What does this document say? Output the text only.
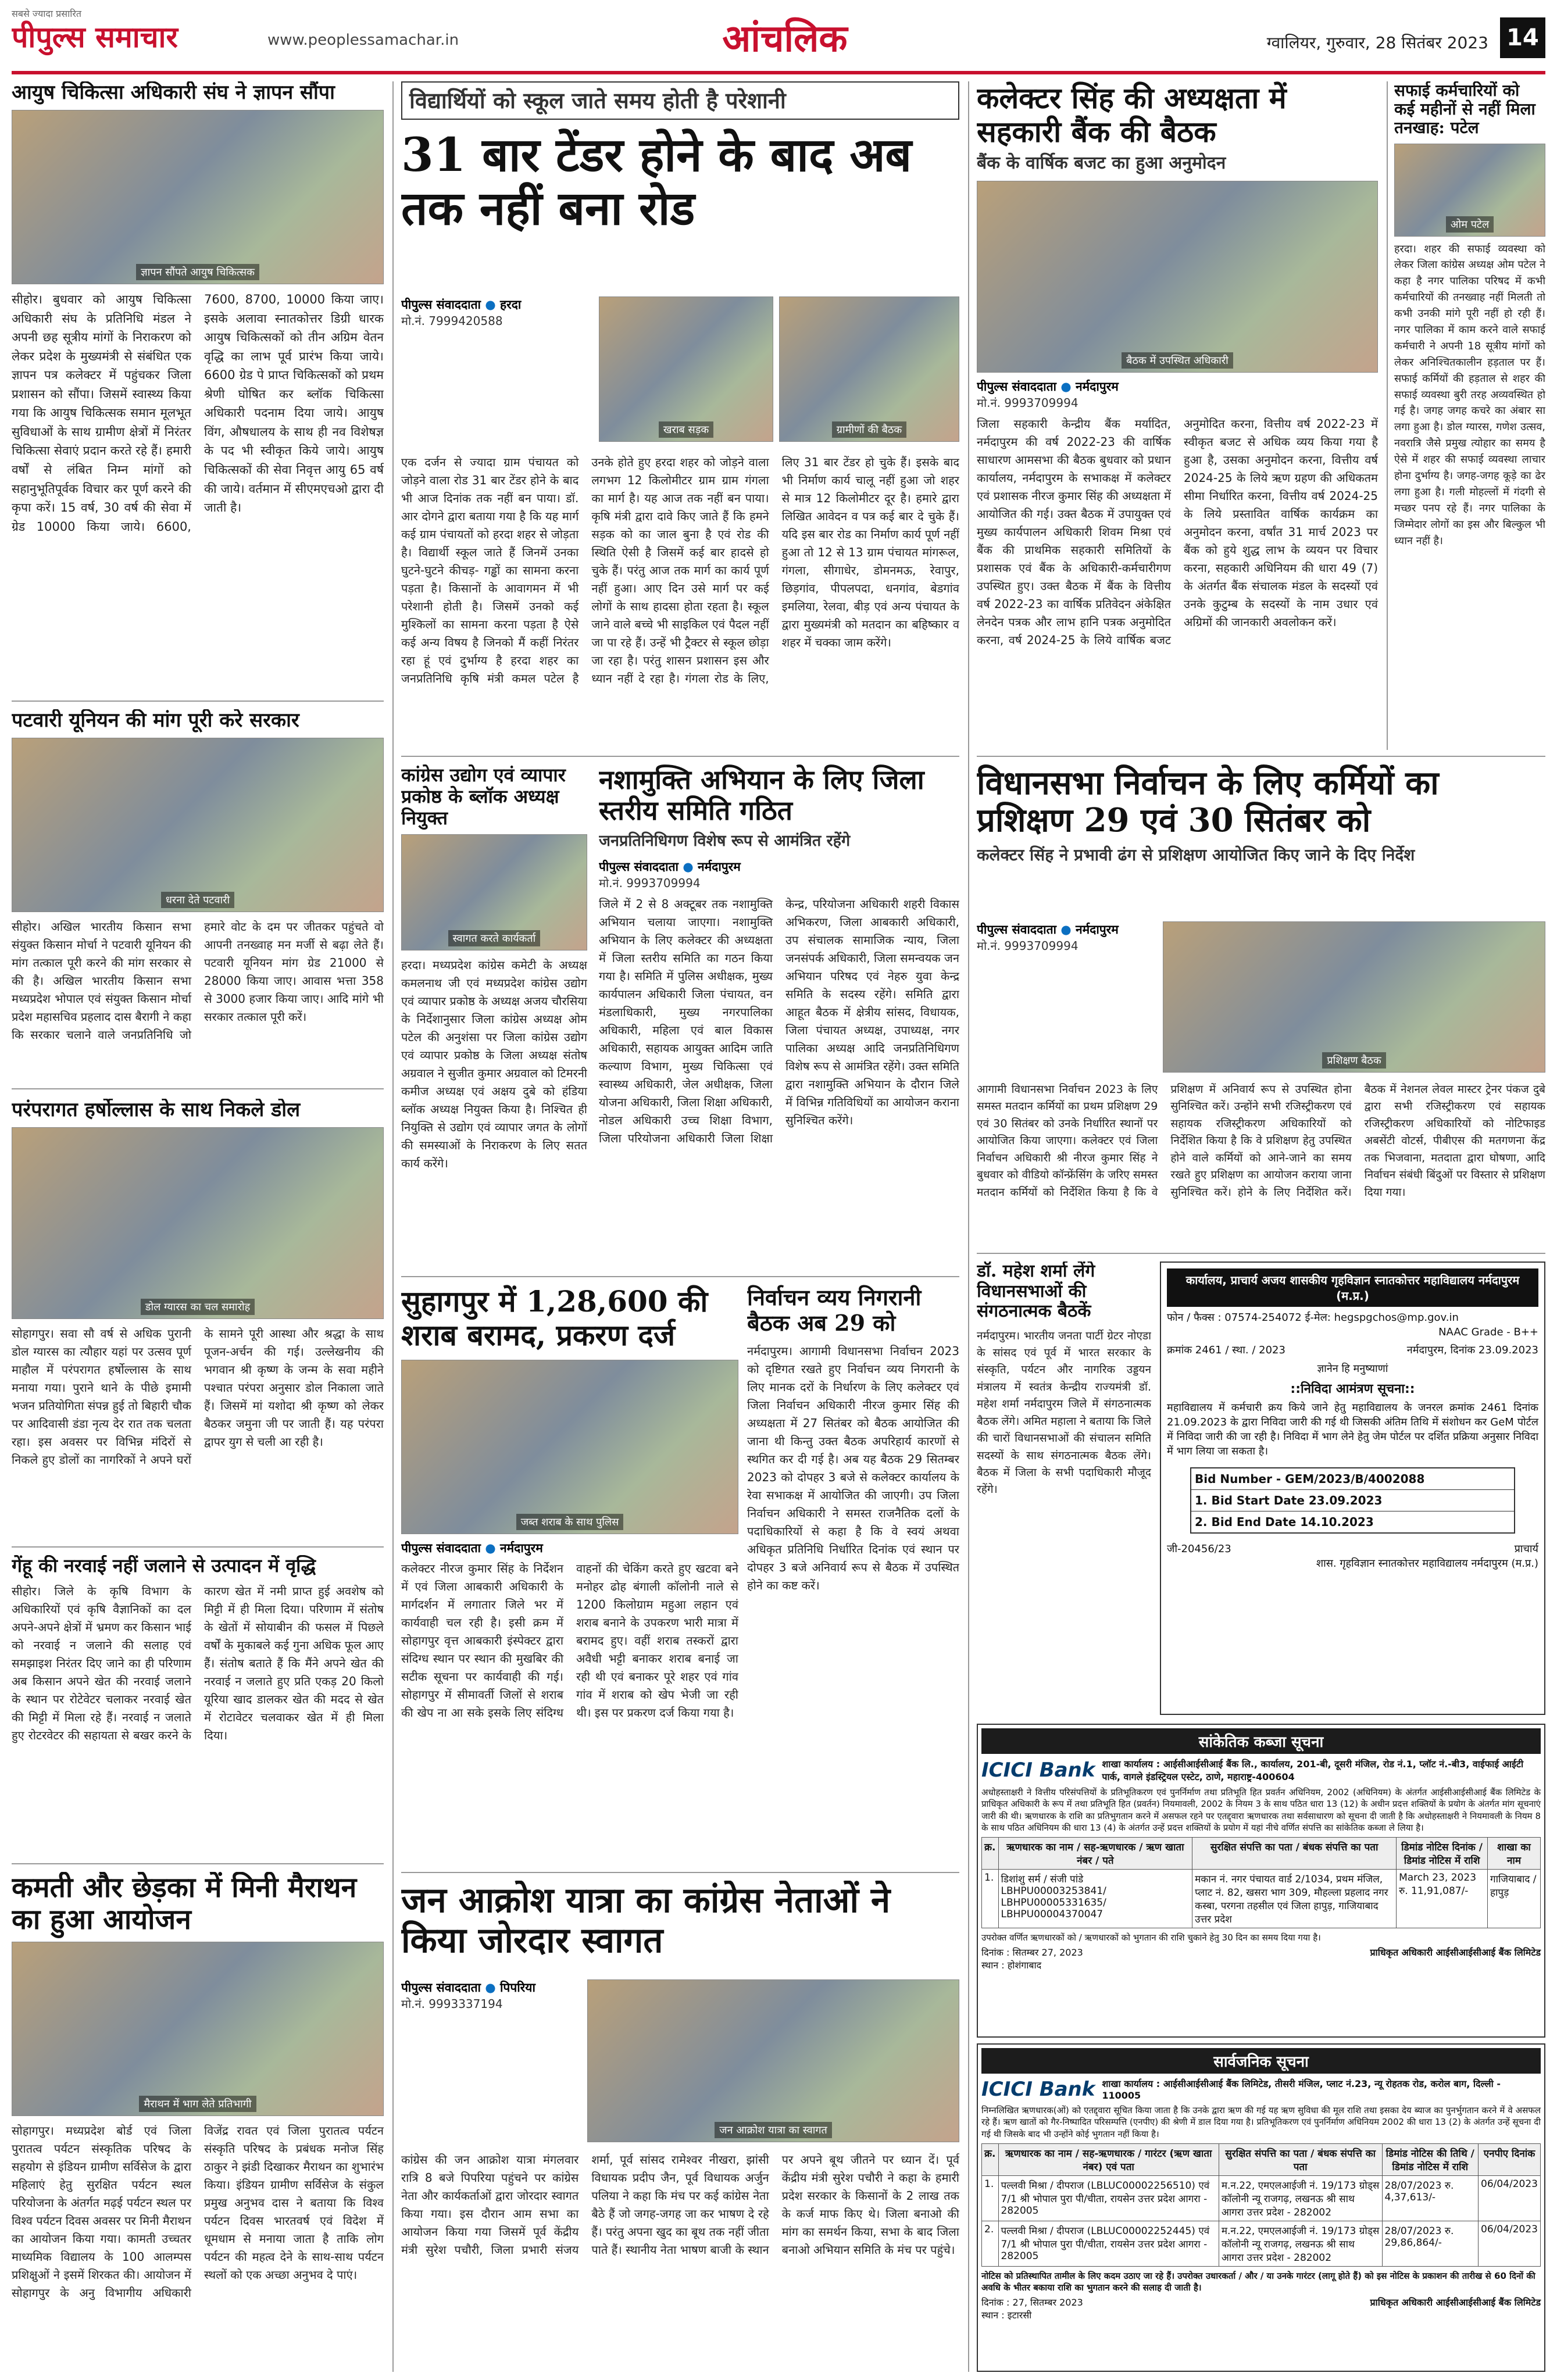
पीपुल्स समाचार
सबसे ज्यादा प्रसारित
www.peoplessamachar.in	आंचलिक	ग्वालियर, गुरुवार, 28 सितंबर 2023 14
आयुष चिकित्सा अधिकारी संघ ने ज्ञापन सौंपा
ज्ञापन सौंपते आयुष चिकित्सक
सीहोर। बुधवार को आयुष चिकित्सा अधिकारी संघ के प्रतिनिधि मंडल ने अपनी छह सूत्रीय मांगों के निराकरण को लेकर प्रदेश के मुख्यमंत्री से संबंधित एक ज्ञापन पत्र कलेक्टर में पहुंचकर जिला प्रशासन को सौंपा। जिसमें स्वास्थ्य किया गया कि आयुष चिकित्सक समान मूलभूत सुविधाओं के साथ ग्रामीण क्षेत्रों में निरंतर चिकित्सा सेवाएं प्रदान करते रहे हैं। हमारी वर्षों से लंबित निम्न मांगों को सहानुभूतिपूर्वक विचार कर पूर्ण करने की कृपा करें। 15 वर्ष, 30 वर्ष की सेवा में ग्रेड 10000 किया जाये। 6600, 7600, 8700, 10000 किया जाए। इसके अलावा स्नातकोत्तर डिग्री धारक आयुष चिकित्सकों को तीन अग्रिम वेतन वृद्धि का लाभ पूर्व प्रारंभ किया जाये। 6600 ग्रेड पे प्राप्त चिकित्सकों को प्रथम श्रेणी घोषित कर ब्लॉक चिकित्सा अधिकारी पदनाम दिया जाये। आयुष विंग, औषधालय के साथ ही नव विशेषज्ञ के पद भी स्वीकृत किये जाये। आयुष चिकित्सकों की सेवा निवृत्त आयु 65 वर्ष की जाये। वर्तमान में सीएमएचओ द्वारा दी जाती है।
पटवारी यूनियन की मांग पूरी करे सरकार
धरना देते पटवारी
सीहोर। अखिल भारतीय किसान सभा संयुक्त किसान मोर्चा ने पटवारी यूनियन की मांग तत्काल पूरी करने की मांग सरकार से की है। अखिल भारतीय किसान सभा मध्यप्रदेश भोपाल एवं संयुक्त किसान मोर्चा प्रदेश महासचिव प्रहलाद दास बैरागी ने कहा कि सरकार चलाने वाले जनप्रतिनिधि जो हमारे वोट के दम पर जीतकर पहुंचते वो आपनी तनख्वाह मन मर्जी से बढ़ा लेते हैं। पटवारी यूनियन मांग ग्रेड 21000 से 28000 किया जाए। आवास भत्ता 358 से 3000 हजार किया जाए। आदि मांगे भी सरकार तत्काल पूरी करें।
परंपरागत हर्षोल्लास के साथ निकले डोल
डोल ग्यारस का चल समारोह
सोहागपुर। सवा सौ वर्ष से अधिक पुरानी डोल ग्यारस का त्यौहार यहां पर उत्सव पूर्ण माहौल में परंपरागत हर्षोल्लास के साथ मनाया गया। पुराने थाने के पीछे इमामी भजन प्रतियोगिता संपन्न हुई तो बिहारी चौक पर आदिवासी डंडा नृत्य देर रात तक चलता रहा। इस अवसर पर विभिन्न मंदिरों से निकले हुए डोलों का नागरिकों ने अपने घरों के सामने पूरी आस्था और श्रद्धा के साथ पूजन-अर्चन की गई। उल्लेखनीय की भगवान श्री कृष्ण के जन्म के सवा महीने पश्चात परंपरा अनुसार डोल निकाला जाते हैं। जिसमें मां यशोदा श्री कृष्ण को लेकर बैठकर जमुना जी पर जाती हैं। यह परंपरा द्वापर युग से चली आ रही है।
गेंहू की नरवाई नहीं जलाने से उत्पादन में वृद्धि
सीहोर। जिले के कृषि विभाग के अधिकारियों एवं कृषि वैज्ञानिकों का दल अपने-अपने क्षेत्रों में भ्रमण कर किसान भाई को नरवाई न जलाने की सलाह एवं समझाइश निरंतर दिए जाने का ही परिणाम अब किसान अपने खेत की नरवाई जलाने के स्थान पर रोटेवेटर चलाकर नरवाई खेत की मिट्टी में मिला रहे हैं। नरवाई न जलाते हुए रोटरवेटर की सहायता से बखर करने के कारण खेत में नमी प्राप्त हुई अवशेष को मिट्टी में ही मिला दिया। परिणाम में संतोष के खेतों में सोयाबीन की फसल में पिछले वर्षों के मुकाबले कई गुना अधिक फूल आए हैं। संतोष बताते हैं कि मैंने अपने खेत की नरवाई न जलाते हुए प्रति एकड़ 20 किलो यूरिया खाद डालकर खेत की मदद से खेत में रोटावेटर चलवाकर खेत में ही मिला दिया।
कमती और छेड़का में मिनी मैराथन का हुआ आयोजन
मैराथन में भाग लेते प्रतिभागी
सोहागपुर। मध्यप्रदेश बोर्ड एवं जिला पुरातत्व पर्यटन संस्कृतिक परिषद के सहयोग से इंडियन ग्रामीण सर्विसेज के द्वारा महिलाएं हेतु सुरक्षित पर्यटन स्थल परियोजना के अंतर्गत मढ़ई पर्यटन स्थल पर विश्व पर्यटन दिवस अवसर पर मिनी मैराथन का आयोजन किया गया। कामती उच्चतर माध्यमिक विद्यालय के 100 आलम्पस प्रशिक्षुओं ने इसमें शिरकत की। आयोजन में सोहागपुर के अनु विभागीय अधिकारी विजेंद्र रावत एवं जिला पुरातत्व पर्यटन संस्कृति परिषद के प्रबंधक मनोज सिंह ठाकुर ने झंडी दिखाकर मैराथन का शुभारंभ किया। इंडियन ग्रामीण सर्विसेज के संकुल प्रमुख अनुभव दास ने बताया कि विश्व पर्यटन दिवस भारतवर्ष एवं विदेश में धूमधाम से मनाया जाता है ताकि लोग पर्यटन की महत्व देने के साथ-साथ पर्यटन स्थलों को एक अच्छा अनुभव दे पाएं।
विद्यार्थियों को स्कूल जाते समय होती है परेशानी
31 बार टेंडर होने के बाद अब तक नहीं बना रोड
पीपुल्स संवाददाता ● हरदा
मो.नं. 7999420588
खराब सड़क	ग्रामीणों की बैठक
एक दर्जन से ज्यादा ग्राम पंचायत को जोड़ने वाला रोड 31 बार टेंडर होने के बाद भी आज दिनांक तक नहीं बन पाया। डॉ. आर दोगने द्वारा बताया गया है कि यह मार्ग कई ग्राम पंचायतों को हरदा शहर से जोड़ता है। विद्यार्थी स्कूल जाते हैं जिनमें उनका घुटने-घुटने कीचड़- गड्ढों का सामना करना पड़ता है। किसानों के आवागमन में भी परेशानी होती है। जिसमें उनको कई मुश्किलों का सामना करना पड़ता है ऐसे कई अन्य विषय है जिनको मैं कहीं निरंतर रहा हूं एवं दुर्भाग्य है हरदा शहर का जनप्रतिनिधि कृषि मंत्री कमल पटेल है उनके होते हुए हरदा शहर को जोड़ने वाला लगभग 12 किलोमीटर ग्राम ग्राम गंगला का मार्ग है। यह आज तक नहीं बन पाया। कृषि मंत्री द्वारा दावे किए जाते हैं कि हमने सड़क को का जाल बुना है एवं रोड की स्थिति ऐसी है जिसमें कई बार हादसे हो चुके हैं। परंतु आज तक मार्ग का कार्य पूर्ण नहीं हुआ। आए दिन उसे मार्ग पर कई लोगों के साथ हादसा होता रहता है। स्कूल जाने वाले बच्चे भी साइकिल एवं पैदल नहीं जा पा रहे हैं। उन्हें भी ट्रैक्टर से स्कूल छोड़ा जा रहा है। परंतु शासन प्रशासन इस और ध्यान नहीं दे रहा है। गंगला रोड के लिए, लिए 31 बार टेंडर हो चुके हैं। इसके बाद भी निर्माण कार्य चालू नहीं हुआ जो शहर से मात्र 12 किलोमीटर दूर है। हमारे द्वारा लिखित आवेदन व पत्र कई बार दे चुके हैं। यदि इस बार रोड का निर्माण कार्य पूर्ण नहीं हुआ तो 12 से 13 ग्राम पंचायत मांगरूल, गंगला, सीगाधेर, डोमनमऊ, रेवापुर, छिड़गांव, पीपलपदा, धनगांव, बेडगांव इमलिया, रेलवा, बीड़ एवं अन्य पंचायत के द्वारा मुख्यमंत्री को मतदान का बहिष्कार व शहर में चक्का जाम करेंगे।
कांग्रेस उद्योग एवं व्यापार प्रकोष्ठ के ब्लॉक अध्यक्ष नियुक्त
स्वागत करते कार्यकर्ता
हरदा। मध्यप्रदेश कांग्रेस कमेटी के अध्यक्ष कमलनाथ जी एवं मध्यप्रदेश कांग्रेस उद्योग एवं व्यापार प्रकोष्ठ के अध्यक्ष अजय चौरसिया के निर्देशानुसार जिला कांग्रेस अध्यक्ष ओम पटेल की अनुशंसा पर जिला कांग्रेस उद्योग एवं व्यापार प्रकोष्ठ के जिला अध्यक्ष संतोष अग्रवाल ने सुजीत कुमार अग्रवाल को टिमरनी कमीज अध्यक्ष एवं अक्षय दुबे को हंडिया ब्लॉक अध्यक्ष नियुक्त किया है। निश्चित ही नियुक्ति से उद्योग एवं व्यापार जगत के लोगों की समस्याओं के निराकरण के लिए सतत कार्य करेंगे।
नशामुक्ति अभियान के लिए जिला स्तरीय समिति गठित
जनप्रतिनिधिगण विशेष रूप से आमंत्रित रहेंगे
पीपुल्स संवाददाता ● नर्मदापुरम
मो.नं. 9993709994
जिले में 2 से 8 अक्टूबर तक नशामुक्ति अभियान चलाया जाएगा। नशामुक्ति अभियान के लिए कलेक्टर की अध्यक्षता में जिला स्तरीय समिति का गठन किया गया है। समिति में पुलिस अधीक्षक, मुख्य कार्यपालन अधिकारी जिला पंचायत, वन मंडलाधिकारी, मुख्य नगरपालिका अधिकारी, महिला एवं बाल विकास अधिकारी, सहायक आयुक्त आदिम जाति कल्याण विभाग, मुख्य चिकित्सा एवं स्वास्थ्य अधिकारी, जेल अधीक्षक, जिला योजना अधिकारी, जिला शिक्षा अधिकारी, नोडल अधिकारी उच्च शिक्षा विभाग, जिला परियोजना अधिकारी जिला शिक्षा केन्द्र, परियोजना अधिकारी शहरी विकास अभिकरण, जिला आबकारी अधिकारी, उप संचालक सामाजिक न्याय, जिला जनसंपर्क अधिकारी, जिला समन्वयक जन अभियान परिषद एवं नेहरु युवा केन्द्र समिति के सदस्य रहेंगे। समिति द्वारा आहूत बैठक में क्षेत्रीय सांसद, विधायक, जिला पंचायत अध्यक्ष, उपाध्यक्ष, नगर पालिका अध्यक्ष आदि जनप्रतिनिधिगण विशेष रूप से आमंत्रित रहेंगे। उक्त समिति द्वारा नशामुक्ति अभियान के दौरान जिले में विभिन्न गतिविधियों का आयोजन कराना सुनिश्चित करेंगे।
सुहागपुर में 1,28,600 की शराब बरामद, प्रकरण दर्ज
जब्त शराब के साथ पुलिस
पीपुल्स संवाददाता ● नर्मदापुरम
कलेक्टर नीरज कुमार सिंह के निर्देशन में एवं जिला आबकारी अधिकारी के मार्गदर्शन में लगातार जिले भर में कार्यवाही चल रही है। इसी क्रम में सोहागपुर वृत्त आबकारी इंस्पेक्टर द्वारा संदिग्ध स्थान पर स्थान की मुखबिर की सटीक सूचना पर कार्यवाही की गई। सोहागपुर में सीमावर्ती जिलों से शराब की खेप ना आ सके इसके लिए संदिग्ध वाहनों की चेकिंग करते हुए खटवा बने मनोहर ढोह बंगाली कॉलोनी नाले से 1200 किलोग्राम महुआ लहान एवं शराब बनाने के उपकरण भारी मात्रा में बरामद हुए। वहीं शराब तस्करों द्वारा अवैधी भट्टी बनाकर शराब बनाई जा रही थी एवं बनाकर पूरे शहर एवं गांव गांव में शराब को खेप भेजी जा रही थी। इस पर प्रकरण दर्ज किया गया है।
निर्वाचन व्यय निगरानी बैठक अब 29 को
नर्मदापुरम। आगामी विधानसभा निर्वाचन 2023 को दृष्टिगत रखते हुए निर्वाचन व्यय निगरानी के लिए मानक दरों के निर्धारण के लिए कलेक्टर एवं जिला निर्वाचन अधिकारी नीरज कुमार सिंह की अध्यक्षता में 27 सितंबर को बैठक आयोजित की जाना थी किन्तु उक्त बैठक अपरिहार्य कारणों से स्थगित कर दी गई है। अब यह बैठक 29 सितम्बर 2023 को दोपहर 3 बजे से कलेक्टर कार्यालय के रेवा सभाकक्ष में आयोजित की जाएगी। उप जिला निर्वाचन अधिकारी ने समस्त राजनैतिक दलों के पदाधिकारियों से कहा है कि वे स्वयं अथवा अधिकृत प्रतिनिधि निर्धारित दिनांक एवं स्थान पर दोपहर 3 बजे अनिवार्य रूप से बैठक में उपस्थित होने का कष्ट करें।
जन आक्रोश यात्रा का कांग्रेस नेताओं ने किया जोरदार स्वागत
पीपुल्स संवाददाता ● पिपरिया
मो.नं. 9993337194
जन आक्रोश यात्रा का स्वागत
कांग्रेस की जन आक्रोश यात्रा मंगलवार रात्रि 8 बजे पिपरिया पहुंचने पर कांग्रेस नेता और कार्यकर्ताओं द्वारा जोरदार स्वागत किया गया। इस दौरान आम सभा का आयोजन किया गया जिसमें पूर्व केंद्रीय मंत्री सुरेश पचौरी, जिला प्रभारी संजय शर्मा, पूर्व सांसद रामेश्वर नीखरा, झांसी विधायक प्रदीप जैन, पूर्व विधायक अर्जुन पलिया ने कहा कि मंच पर कई कांग्रेस नेता बैठे हैं जो जगह-जगह जा कर भाषण दे रहे हैं। परंतु अपना खुद का बूथ तक नहीं जीता पाते हैं। स्थानीय नेता भाषण बाजी के स्थान पर अपने बूथ जीतने पर ध्यान दें। पूर्व केंद्रीय मंत्री सुरेश पचौरी ने कहा के हमारी प्रदेश सरकार के किसानों के 2 लाख तक के कर्ज माफ किए थे। जिला बनाओ की मांग का समर्थन किया, सभा के बाद जिला बनाओ अभियान समिति के मंच पर पहुंचे।
कलेक्टर सिंह की अध्यक्षता में सहकारी बैंक की बैठक
बैंक के वार्षिक बजट का हुआ अनुमोदन
बैठक में उपस्थित अधिकारी
पीपुल्स संवाददाता ● नर्मदापुरम
मो.नं. 9993709994
जिला सहकारी केन्द्रीय बैंक मर्यादित, नर्मदापुरम की वर्ष 2022-23 की वार्षिक साधारण आमसभा की बैठक बुधवार को प्रधान कार्यालय, नर्मदापुरम के सभाकक्ष में कलेक्टर एवं प्रशासक नीरज कुमार सिंह की अध्यक्षता में आयोजित की गई। उक्त बैठक में उपायुक्त एवं मुख्य कार्यपालन अधिकारी शिवम मिश्रा एवं बैंक की प्राथमिक सहकारी समितियों के प्रशासक एवं बैंक के अधिकारी-कर्मचारीगण उपस्थित हुए। उक्त बैठक में बैंक के वित्तीय वर्ष 2022-23 का वार्षिक प्रतिवेदन अंकेक्षित लेनदेन पत्रक और लाभ हानि पत्रक अनुमोदित करना, वर्ष 2024-25 के लिये वार्षिक बजट अनुमोदित करना, वित्तीय वर्ष 2022-23 में स्वीकृत बजट से अधिक व्यय किया गया है हुआ है, उसका अनुमोदन करना, वित्तीय वर्ष 2024-25 के लिये ऋण ग्रहण की अधिकतम सीमा निर्धारित करना, वित्तीय वर्ष 2024-25 के लिये प्रस्तावित वार्षिक कार्यक्रम का अनुमोदन करना, वर्षांत 31 मार्च 2023 पर बैंक को हुये शुद्ध लाभ के व्ययन पर विचार करना, सहकारी अधिनियम की धारा 49 (7) के अंतर्गत बैंक संचालक मंडल के सदस्यों एवं उनके कुटुम्ब के सदस्यों के नाम उधार एवं अग्रिमों की जानकारी अवलोकन करें।
सफाई कर्मचारियों को कई महीनों से नहीं मिला तनखाह: पटेल
ओम पटेल
हरदा। शहर की सफाई व्यवस्था को लेकर जिला कांग्रेस अध्यक्ष ओम पटेल ने कहा है नगर पालिका परिषद में कभी कर्मचारियों की तनख्वाह नहीं मिलती तो कभी उनकी मांगे पूरी नहीं हो रही हैं। नगर पालिका में काम करने वाले सफाई कर्मचारी ने अपनी 18 सूत्रीय मांगों को लेकर अनिश्चितकालीन हड़ताल पर हैं। सफाई कर्मियों की हड़ताल से शहर की सफाई व्यवस्था बुरी तरह अव्यवस्थित हो गई है। जगह जगह कचरे का अंबार सा लगा हुआ है। डोल ग्यारस, गणेश उत्सव, नवरात्रि जैसे प्रमुख त्योहार का समय है ऐसे में शहर की सफाई व्यवस्था लाचार होना दुर्भाग्य है। जगह-जगह कूड़े का ढेर लगा हुआ है। गली मोहल्लों में गंदगी से मच्छर पनप रहे हैं। नगर पालिका के जिम्मेदार लोगों का इस और बिल्कुल भी ध्यान नहीं है।
विधानसभा निर्वाचन के लिए कर्मियों का प्रशिक्षण 29 एवं 30 सितंबर को
कलेक्टर सिंह ने प्रभावी ढंग से प्रशिक्षण आयोजित किए जाने के दिए निर्देश
पीपुल्स संवाददाता ● नर्मदापुरम
मो.नं. 9993709994
प्रशिक्षण बैठक
आगामी विधानसभा निर्वाचन 2023 के लिए समस्त मतदान कर्मियों का प्रथम प्रशिक्षण 29 एवं 30 सितंबर को उनके निर्धारित स्थानों पर आयोजित किया जाएगा। कलेक्टर एवं जिला निर्वाचन अधिकारी श्री नीरज कुमार सिंह ने बुधवार को वीडियो कॉन्फ्रेंसिंग के जरिए समस्त मतदान कर्मियों को निर्देशित किया है कि वे प्रशिक्षण में अनिवार्य रूप से उपस्थित होना सुनिश्चित करें। उन्होंने सभी रजिस्ट्रीकरण एवं सहायक रजिस्ट्रीकरण अधिकारियों को निर्देशित किया है कि वे प्रशिक्षण हेतु उपस्थित होने वाले कर्मियों को आने-जाने का समय रखते हुए प्रशिक्षण का आयोजन कराया जाना सुनिश्चित करें। होने के लिए निर्देशित करें। बैठक में नेशनल लेवल मास्टर ट्रेनर पंकज दुबे द्वारा सभी रजिस्ट्रीकरण एवं सहायक रजिस्ट्रीकरण अधिकारियों को नोटिफाइड अबसेंटी वोटर्स, पीबीएस की मतगणना केंद्र तक भिजवाना, मतदाता द्वारा घोषणा, आदि निर्वाचन संबंधी बिंदुओं पर विस्तार से प्रशिक्षण दिया गया।
डॉ. महेश शर्मा लेंगे विधानसभाओं की संगठनात्मक बैठकें
नर्मदापुरम। भारतीय जनता पार्टी ग्रेटर नोएडा के सांसद एवं पूर्व में भारत सरकार के संस्कृति, पर्यटन और नागरिक उड्डयन मंत्रालय में स्वतंत्र केन्द्रीय राज्यमंत्री डॉ. महेश शर्मा नर्मदापुरम जिले में संगठनात्मक बैठक लेंगे। अमित महाला ने बताया कि जिले की चारों विधानसभाओं की संचालन समिति सदस्यों के साथ संगठनात्मक बैठक लेंगे। बैठक में जिला के सभी पदाधिकारी मौजूद रहेंगे।
कार्यालय, प्राचार्य अजय शासकीय गृहविज्ञान स्नातकोत्तर महाविद्यालय नर्मदापुरम (म.प्र.)
फोन / फैक्स : 07574-254072 ई-मेल: hegspgchos@mp.gov.in
NAAC Grade - B++
क्रमांक 2461 / स्था. / 2023	नर्मदापुरम, दिनांक 23.09.2023
ज्ञानेन हि मनुष्याणां
::निविदा आमंत्रण सूचना::
महाविद्यालय में कर्मचारी क्रय किये जाने हेतु महाविद्यालय के जनरल क्रमांक 2461 दिनांक 21.09.2023 के द्वारा निविदा जारी की गई थी जिसकी अंतिम तिथि में संशोधन कर GeM पोर्टल में निविदा जारी की जा रही है। निविदा में भाग लेने हेतु जेम पोर्टल पर दर्शित प्रक्रिया अनुसार निविदा में भाग लिया जा सकता है।
Bid Number - GEM/2023/B/4002088
1. Bid Start Date 23.09.2023
2. Bid End Date 14.10.2023
जी-20456/23	प्राचार्य
शास. गृहविज्ञान स्नातकोत्तर महाविद्यालय नर्मदापुरम (म.प्र.)
सांकेतिक कब्जा सूचना
ICICI Bank शाखा कार्यालय : आईसीआईसीआई बैंक लि., कार्यालय, 201-बी, दूसरी मंजिल, रोड नं.1, प्लॉट नं.-बी3, वाईफाई आईटी पार्क, वागले इंडस्ट्रियल एस्टेट, ठाणे, महाराष्ट्र-400604
अधोहस्ताक्षरी ने वित्तीय परिसंपत्तियों के प्रतिभूतिकरण एवं पुनर्निर्माण तथा प्रतिभूति हित प्रवर्तन अधिनियम, 2002 (अधिनियम) के अंतर्गत आईसीआईसीआई बैंक लिमिटेड के प्राधिकृत अधिकारी के रूप में तथा प्रतिभूति हित (प्रवर्तन) नियमावली, 2002 के नियम 3 के साथ पठित धारा 13 (12) के अधीन प्रदत्त शक्तियों के प्रयोग के अंतर्गत मांग सूचनाएं जारी की थी। ऋणधारक के राशि का प्रतिभुगतान करने में असफल रहने पर एतद्द्वारा ऋणधारक तथा सर्वसाधारण को सूचना दी जाती है कि अधोहस्ताक्षरी ने नियमावली के नियम 8 के साथ पठित अधिनियम की धारा 13 (4) के अंतर्गत उन्हें प्रदत्त शक्तियों के प्रयोग में यहां नीचे वर्णित संपत्ति का सांकेतिक कब्जा ले लिया है।
क्र.	ऋणधारक का नाम / सह-ऋणधारक / ऋण खाता नंबर / पते	सुरक्षित संपत्ति का पता / बंधक संपत्ति का पता	डिमांड नोटिस दिनांक / डिमांड नोटिस में राशि	शाखा का नाम
1.	डिशांशु सर्म / संजी पांडे LBHPU00003253841/ LBHPU00005331635/ LBHPU00004370047	मकान नं. नगर पंचायत वार्ड 2/1034, प्रथम मंजिल, प्लाट नं. 82, खसरा भाग 309, मौहल्ला प्रहलाद नगर कस्बा, परगना तहसील एवं जिला हापुड़, गाजियाबाद उत्तर प्रदेश	March 23, 2023 रु. 11,91,087/-	गाजियाबाद / हापुड़
उपरोक्त वर्णित ऋणधारकों को / ऋणधारकों को भुगतान की राशि चुकाने हेतु 30 दिन का समय दिया गया है।
दिनांक : सितम्बर 27, 2023
स्थान : होशंगाबाद
प्राधिकृत अधिकारी आईसीआईसीआई बैंक लिमिटेड
सार्वजनिक सूचना
ICICI Bank शाखा कार्यालय : आईसीआईसीआई बैंक लिमिटेड, तीसरी मंजिल, प्लाट नं.23, न्यू रोहतक रोड, करोल बाग, दिल्ली - 110005
निम्नलिखित ऋणधारक(ओं) को एतद्द्वारा सूचित किया जाता है कि उनके द्वारा ऋण की गई यह ऋण सुविधा की मूल राशि तथा इसका देय ब्याज का पुनर्भुगतान करने में वे असफल रहे हैं। ऋण खातों को गैर-निष्पादित परिसम्पत्ति (एनपीए) की श्रेणी में डाल दिया गया है। प्रतिभूतिकरण एवं पुनर्निर्माण अधिनियम 2002 की धारा 13 (2) के अंतर्गत उन्हें सूचना दी गई थी जिसके बाद भी उन्होंने कोई भुगतान नहीं किया है।
क्र.	ऋणधारक का नाम / सह-ऋणधारक / गारंटर (ऋण खाता नंबर) एवं पता	सुरक्षित संपत्ति का पता / बंधक संपत्ति का पता	डिमांड नोटिस की तिथि / डिमांड नोटिस में राशि	एनपीए दिनांक
1.	पल्लवी मिश्रा / दीपराज (LBLUC00002256510) एवं 7/1 श्री भोपाल पुरा पी/चीता, रायसेन उत्तर प्रदेश आगरा - 282005	म.न.22, एमएलआईजी नं. 19/173 ग्रोड्स कॉलोनी न्यू राजगढ़, लखनऊ श्री साथ आगरा उत्तर प्रदेश - 282002	28/07/2023 रु. 4,37,613/-	06/04/2023
2.	पल्लवी मिश्रा / दीपराज (LBLUC00002252445) एवं 7/1 श्री भोपाल पुरा पी/चीता, रायसेन उत्तर प्रदेश आगरा - 282005	म.न.22, एमएलआईजी नं. 19/173 ग्रोड्स कॉलोनी न्यू राजगढ़, लखनऊ श्री साथ आगरा उत्तर प्रदेश - 282002	28/07/2023 रु. 29,86,864/-	06/04/2023
नोटिस को प्रतिस्थापित तामील के लिए कदम उठाए जा रहे हैं। उपरोक्त उधारकर्ता / और / या उनके गारंटर (लागू होते हैं) को इस नोटिस के प्रकाशन की तारीख से 60 दिनों की अवधि के भीतर बकाया राशि का भुगतान करने की सलाह दी जाती है।
दिनांक : 27, सितम्बर 2023
स्थान : इटारसी
प्राधिकृत अधिकारी आईसीआईसीआई बैंक लिमिटेड
